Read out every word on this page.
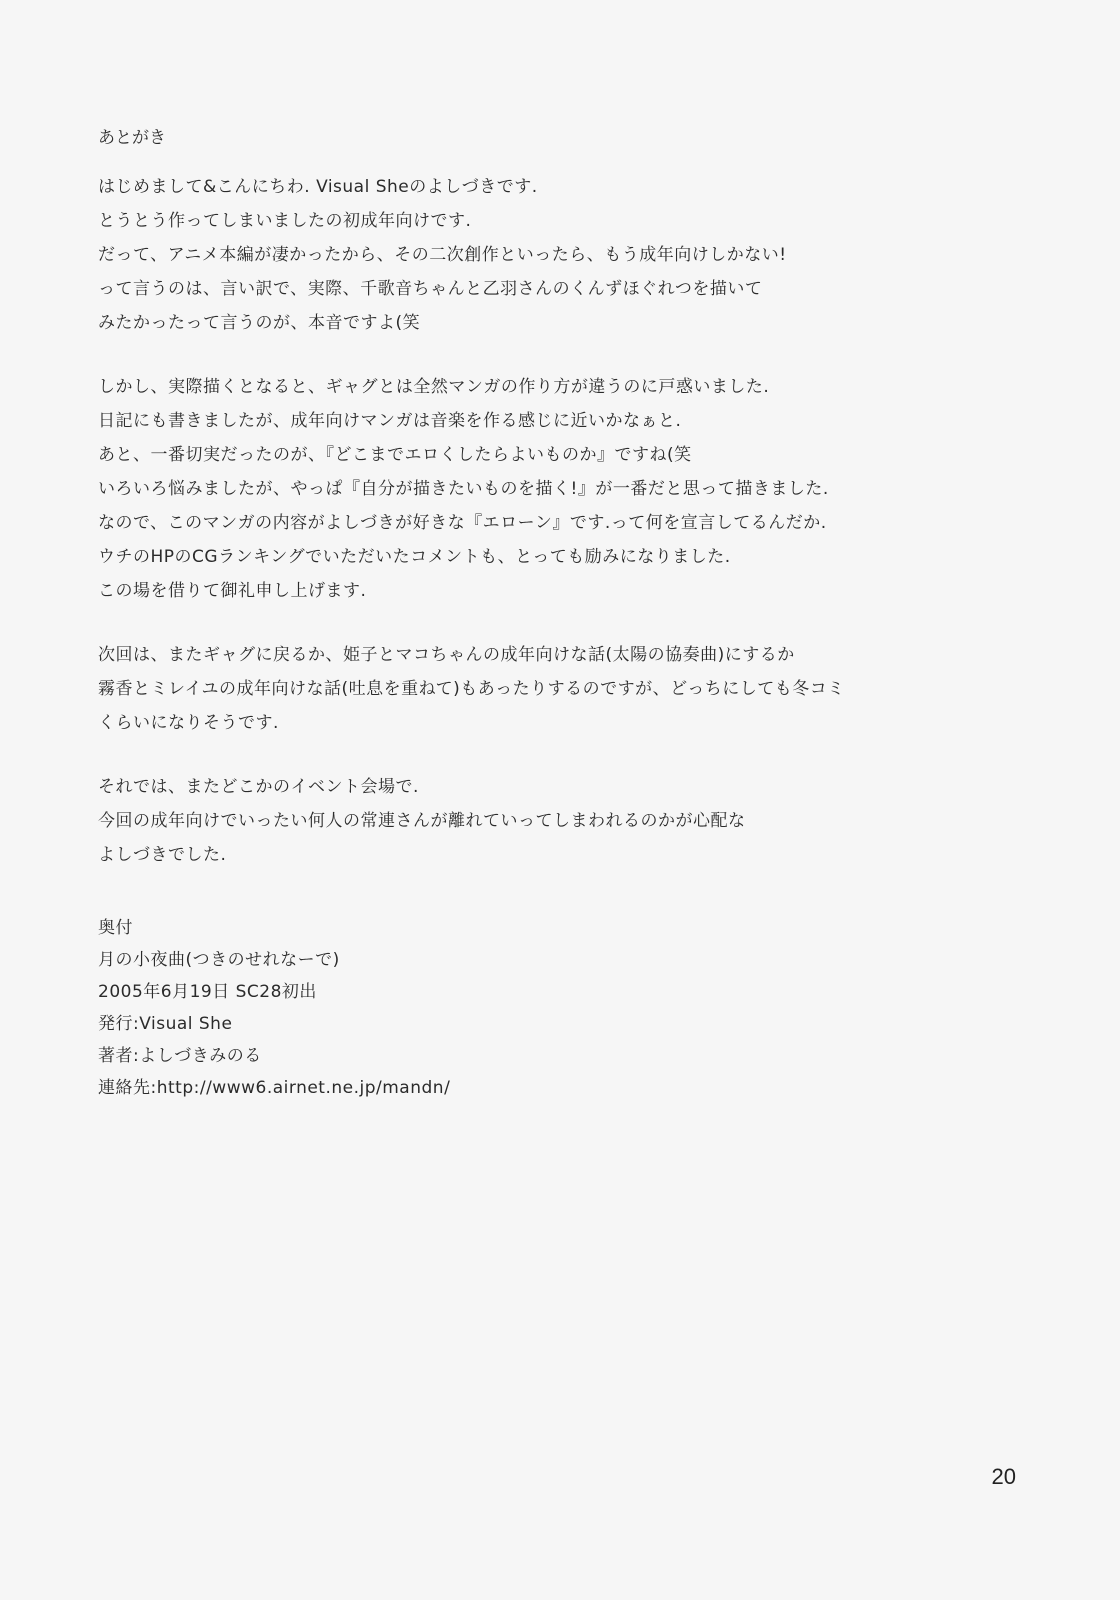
あとがき
はじめまして&こんにちわ. Visual Sheのよしづきです.
とうとう作ってしまいましたの初成年向けです.
だって、アニメ本編が凄かったから、その二次創作といったら、もう成年向けしかない!
って言うのは、言い訳で、実際、千歌音ちゃんと乙羽さんのくんずほぐれつを描いて
みたかったって言うのが、本音ですよ(笑
しかし、実際描くとなると、ギャグとは全然マンガの作り方が違うのに戸惑いました.
日記にも書きましたが、成年向けマンガは音楽を作る感じに近いかなぁと.
あと、一番切実だったのが、『どこまでエロくしたらよいものか』ですね(笑
いろいろ悩みましたが、やっぱ『自分が描きたいものを描く!』が一番だと思って描きました.
なので、このマンガの内容がよしづきが好きな『エローン』です.って何を宣言してるんだか.
ウチのHPのCGランキングでいただいたコメントも、とっても励みになりました.
この場を借りて御礼申し上げます.
次回は、またギャグに戻るか、姫子とマコちゃんの成年向けな話(太陽の協奏曲)にするか
霧香とミレイユの成年向けな話(吐息を重ねて)もあったりするのですが、どっちにしても冬コミ
くらいになりそうです.
それでは、またどこかのイベント会場で.
今回の成年向けでいったい何人の常連さんが離れていってしまわれるのかが心配な
よしづきでした.
奥付
月の小夜曲(つきのせれなーで)
2005年6月19日 SC28初出
発行:Visual She
著者:よしづきみのる
連絡先:http://www6.airnet.ne.jp/mandn/
20
